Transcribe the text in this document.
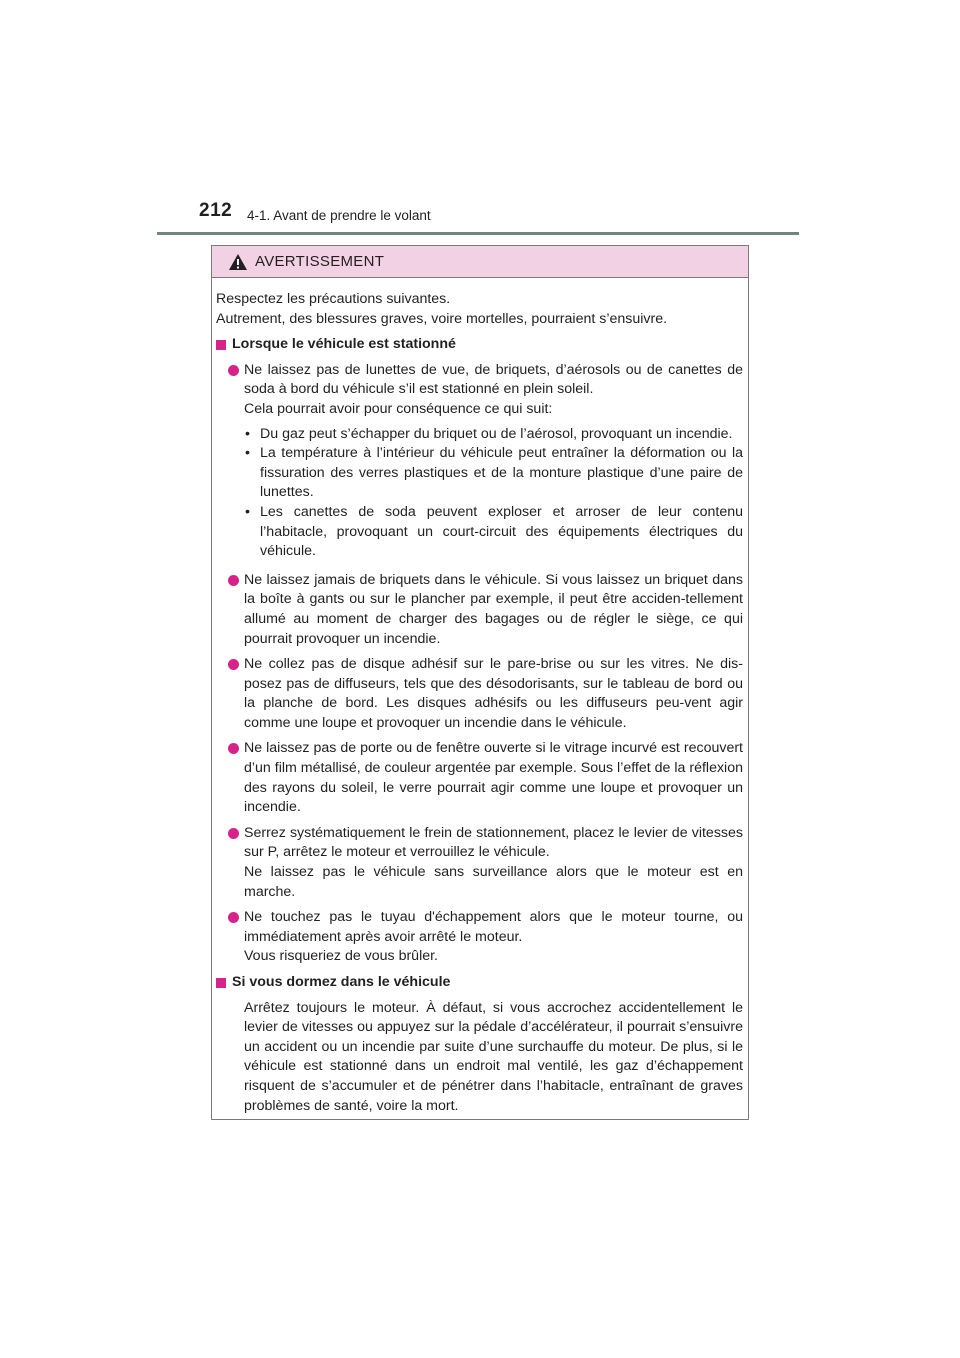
212 4-1. Avant de prendre le volant
AVERTISSEMENT

Respectez les précautions suivantes.

Autrement, des blessures graves, voire mortelles, pourraient s’ensuivre.

Lorsque le véhicule est stationné

Ne laissez pas de lunettes de vue, de briquets, d’aérosols ou de canettes de soda à bord du véhicule s’il est stationné en plein soleil.

Cela pourrait avoir pour conséquence ce qui suit:

• Du gaz peut s’échapper du briquet ou de l’aérosol, provoquant un incendie.
• La température à l’intérieur du véhicule peut entraîner la déformation ou la fissuration des verres plastiques et de la monture plastique d’une paire de lunettes.
• Les canettes de soda peuvent exploser et arroser de leur contenu l’habitacle, provoquant un court-circuit des équipements électriques du véhicule.

Ne laissez jamais de briquets dans le véhicule. Si vous laissez un briquet dans la boîte à gants ou sur le plancher par exemple, il peut être acciden-tellement allumé au moment de charger des bagages ou de régler le siège, ce qui pourrait provoquer un incendie.

Ne collez pas de disque adhésif sur le pare-brise ou sur les vitres. Ne dis-posez pas de diffuseurs, tels que des désodorisants, sur le tableau de bord ou la planche de bord. Les disques adhésifs ou les diffuseurs peu-vent agir comme une loupe et provoquer un incendie dans le véhicule.

Ne laissez pas de porte ou de fenêtre ouverte si le vitrage incurvé est recouvert d’un film métallisé, de couleur argentée par exemple. Sous l’effet de la réflexion des rayons du soleil, le verre pourrait agir comme une loupe et provoquer un incendie.

Serrez systématiquement le frein de stationnement, placez le levier de vitesses sur P, arrêtez le moteur et verrouillez le véhicule.

Ne laissez pas le véhicule sans surveillance alors que le moteur est en marche.

Ne touchez pas le tuyau d'échappement alors que le moteur tourne, ou immédiatement après avoir arrêté le moteur.

Vous risqueriez de vous brûler.

Si vous dormez dans le véhicule

Arrêtez toujours le moteur. À défaut, si vous accrochez accidentellement le levier de vitesses ou appuyez sur la pédale d’accélérateur, il pourrait s’ensuivre un accident ou un incendie par suite d’une surchauffe du moteur. De plus, si le véhicule est stationné dans un endroit mal ventilé, les gaz d’échappement risquent de s’accumuler et de pénétrer dans l’habitacle, entraînant de graves problèmes de santé, voire la mort.
